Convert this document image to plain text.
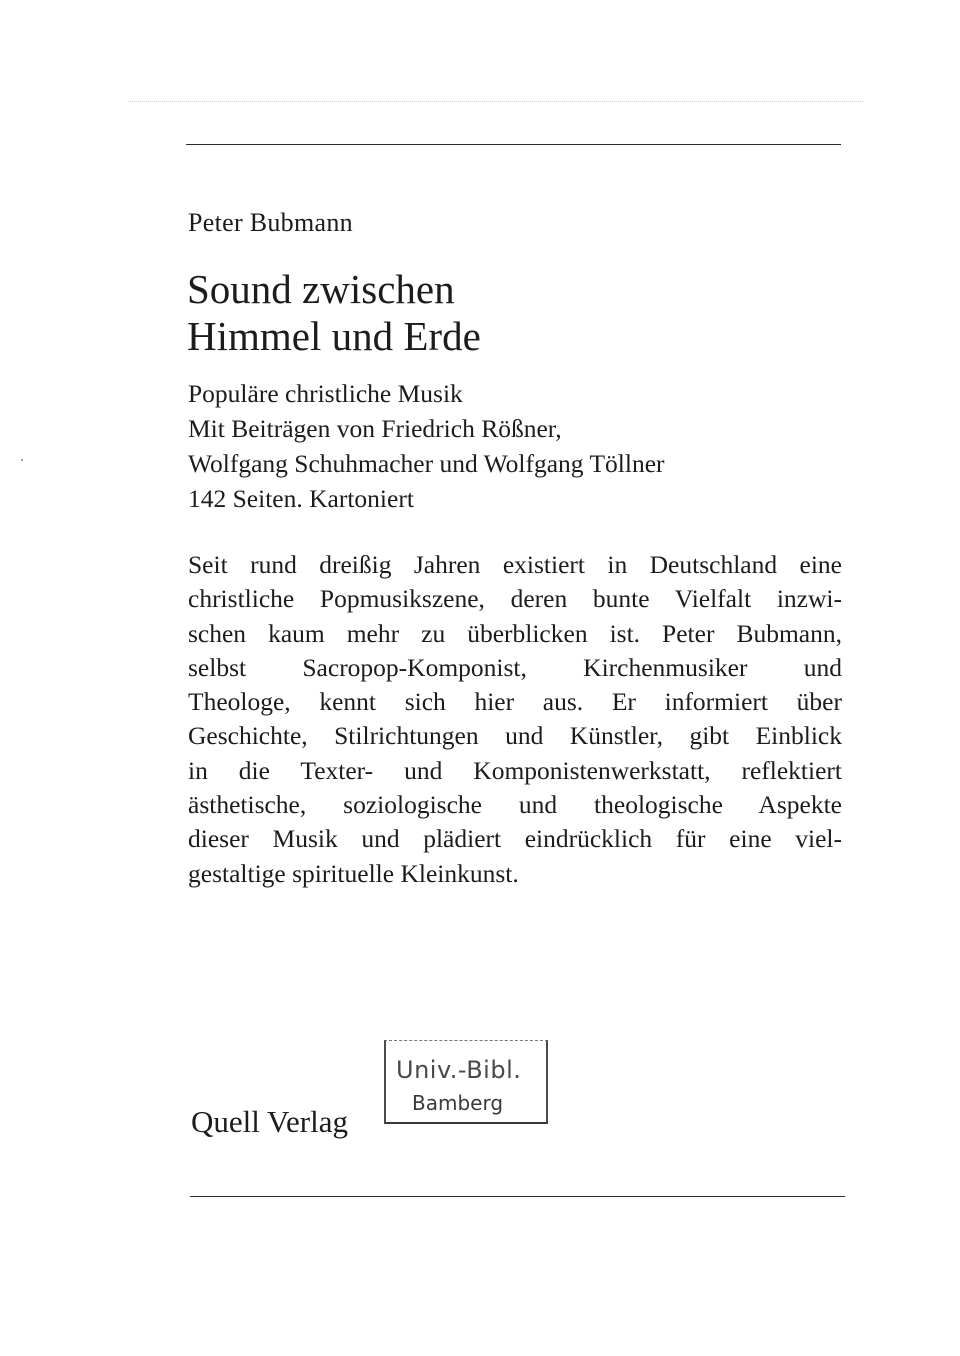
Peter Bubmann
Sound zwischen
Himmel und Erde
Populäre christliche Musik
Mit Beiträgen von Friedrich Rößner,
Wolfgang Schuhmacher und Wolfgang Töllner
142 Seiten. Kartoniert
Seit rund dreißig Jahren existiert in Deutschland eine
christliche Popmusikszene, deren bunte Vielfalt inzwi-
schen kaum mehr zu überblicken ist. Peter Bubmann,
selbst Sacropop-Komponist, Kirchenmusiker und
Theologe, kennt sich hier aus. Er informiert über
Geschichte, Stilrichtungen und Künstler, gibt Einblick
in die Texter- und Komponistenwerkstatt, reflektiert
ästhetische, soziologische und theologische Aspekte
dieser Musik und plädiert eindrücklich für eine viel-
gestaltige spirituelle Kleinkunst.
Quell Verlag
Univ.-Bibl.
Bamberg
